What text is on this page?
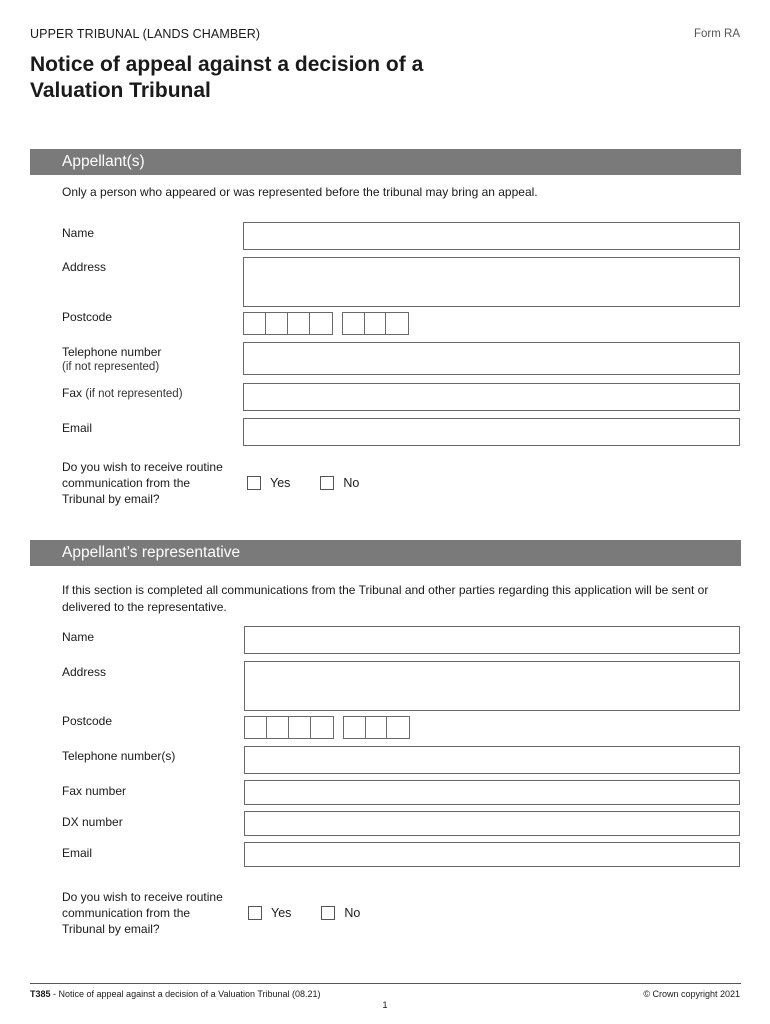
UPPER TRIBUNAL (LANDS CHAMBER)	Form RA
Notice of appeal against a decision of a Valuation Tribunal
Appellant(s)
Only a person who appeared or was represented before the tribunal may bring an appeal.
Name
Address
Postcode
Telephone number
(if not represented)
Fax (if not represented)
Email
Do you wish to receive routine communication from the Tribunal by email?
Yes	No
Appellant’s representative
If this section is completed all communications from the Tribunal and other parties regarding this application will be sent or delivered to the representative.
Name
Address
Postcode
Telephone number(s)
Fax number
DX number
Email
Do you wish to receive routine communication from the Tribunal by email?
Yes	No
T385 - Notice of appeal against a decision of a Valuation Tribunal (08.21)	© Crown copyright 2021
1
